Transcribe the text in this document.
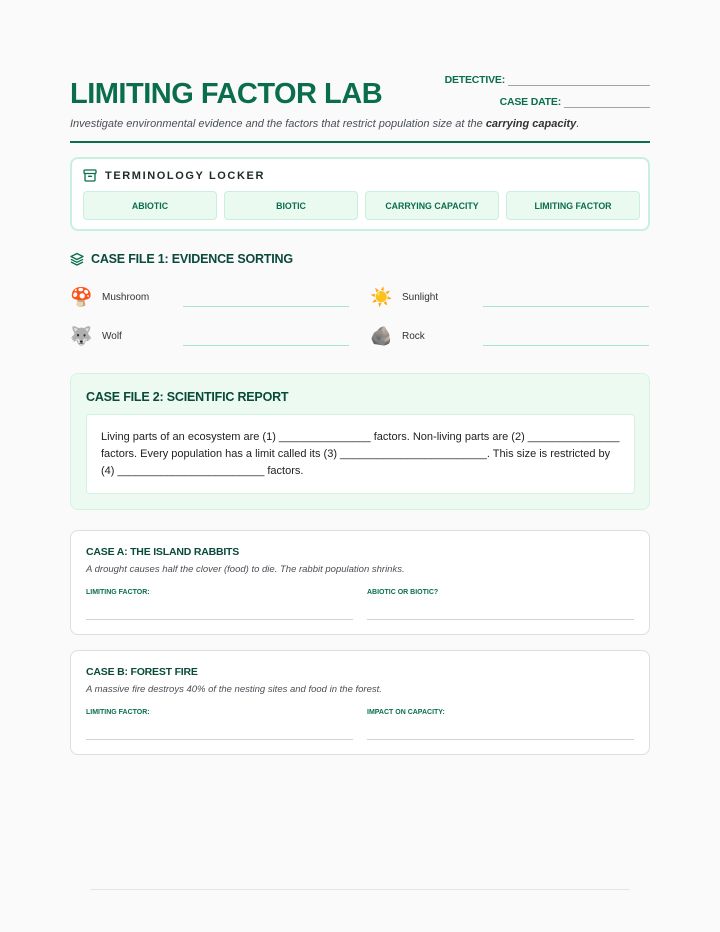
LIMITING FACTOR LAB	DETECTIVE:
CASE DATE:
Investigate environmental evidence and the factors that restrict population size at the carrying capacity.
TERMINOLOGY LOCKER
ABIOTIC	BIOTIC	CARRYING CAPACITY	LIMITING FACTOR
CASE FILE 1: EVIDENCE SORTING
🍄 Mushroom	☀️ Sunlight
🐺 Wolf	🪨 Rock
CASE FILE 2: SCIENTIFIC REPORT
Living parts of an ecosystem are (1) _______________ factors. Non-living parts are (2) _______________ factors. Every population has a limit called its (3) ________________________. This size is restricted by (4) ________________________ factors.
CASE A: THE ISLAND RABBITS
A drought causes half the clover (food) to die. The rabbit population shrinks.
LIMITING FACTOR:	ABIOTIC OR BIOTIC?
CASE B: FOREST FIRE
A massive fire destroys 40% of the nesting sites and food in the forest.
LIMITING FACTOR:	IMPACT ON CAPACITY:
